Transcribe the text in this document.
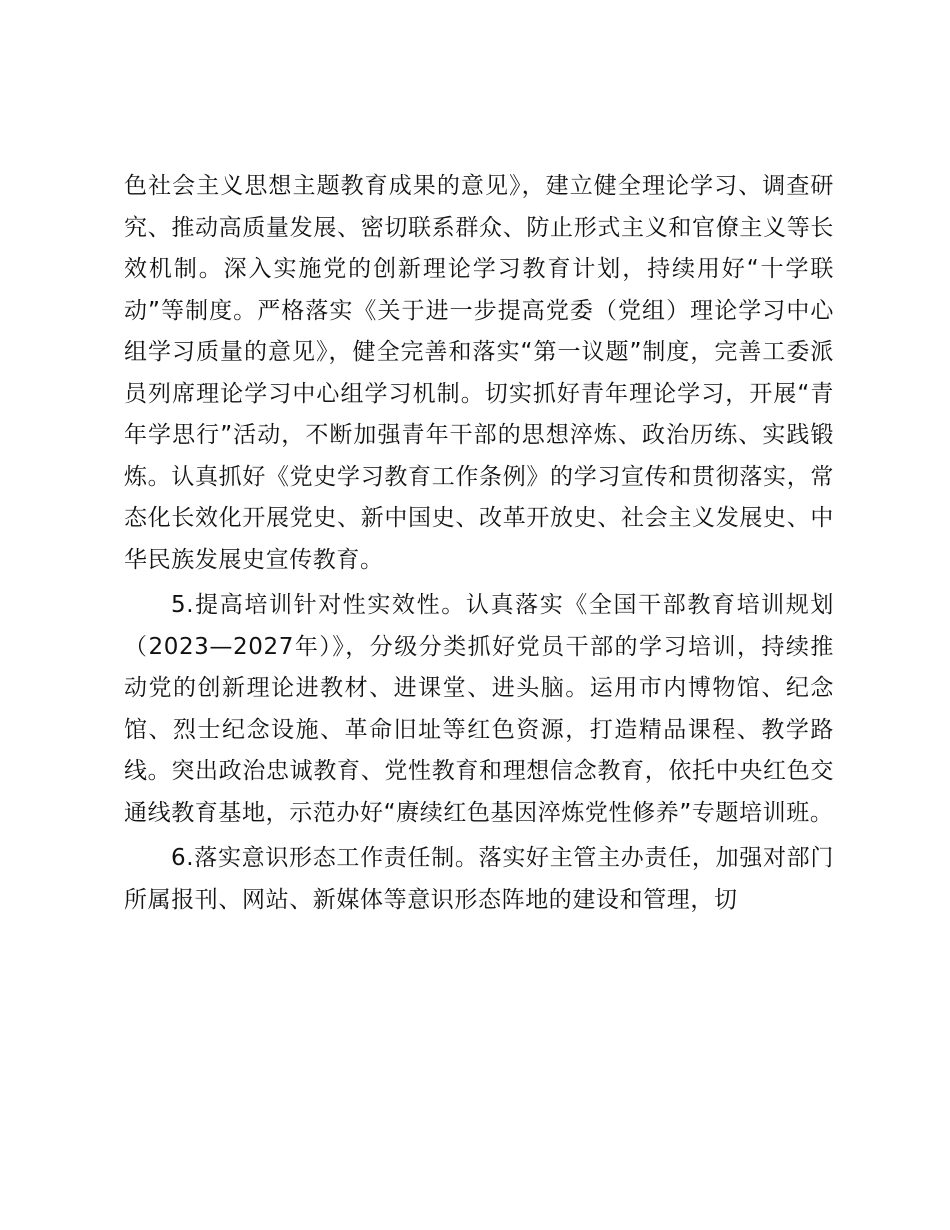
色社会主义思想主题教育成果的意见》，建立健全理论学习、调查研究、推动高质量发展、密切联系群众、防止形式主义和官僚主义等长效机制。深入实施党的创新理论学习教育计划，持续用好“十学联动”等制度。严格落实《关于进一步提高党委（党组）理论学习中心组学习质量的意见》，健全完善和落实“第一议题”制度，完善工委派员列席理论学习中心组学习机制。切实抓好青年理论学习，开展“青年学思行”活动，不断加强青年干部的思想淬炼、政治历练、实践锻炼。认真抓好《党史学习教育工作条例》的学习宣传和贯彻落实，常态化长效化开展党史、新中国史、改革开放史、社会主义发展史、中华民族发展史宣传教育。

5.提高培训针对性实效性。认真落实《全国干部教育培训规划（2023—2027年）》，分级分类抓好党员干部的学习培训，持续推动党的创新理论进教材、进课堂、进头脑。运用市内博物馆、纪念馆、烈士纪念设施、革命旧址等红色资源，打造精品课程、教学路线。突出政治忠诚教育、党性教育和理想信念教育，依托中央红色交通线教育基地，示范办好“赓续红色基因淬炼党性修养”专题培训班。

6.落实意识形态工作责任制。落实好主管主办责任，加强对部门所属报刊、网站、新媒体等意识形态阵地的建设和管理，切
